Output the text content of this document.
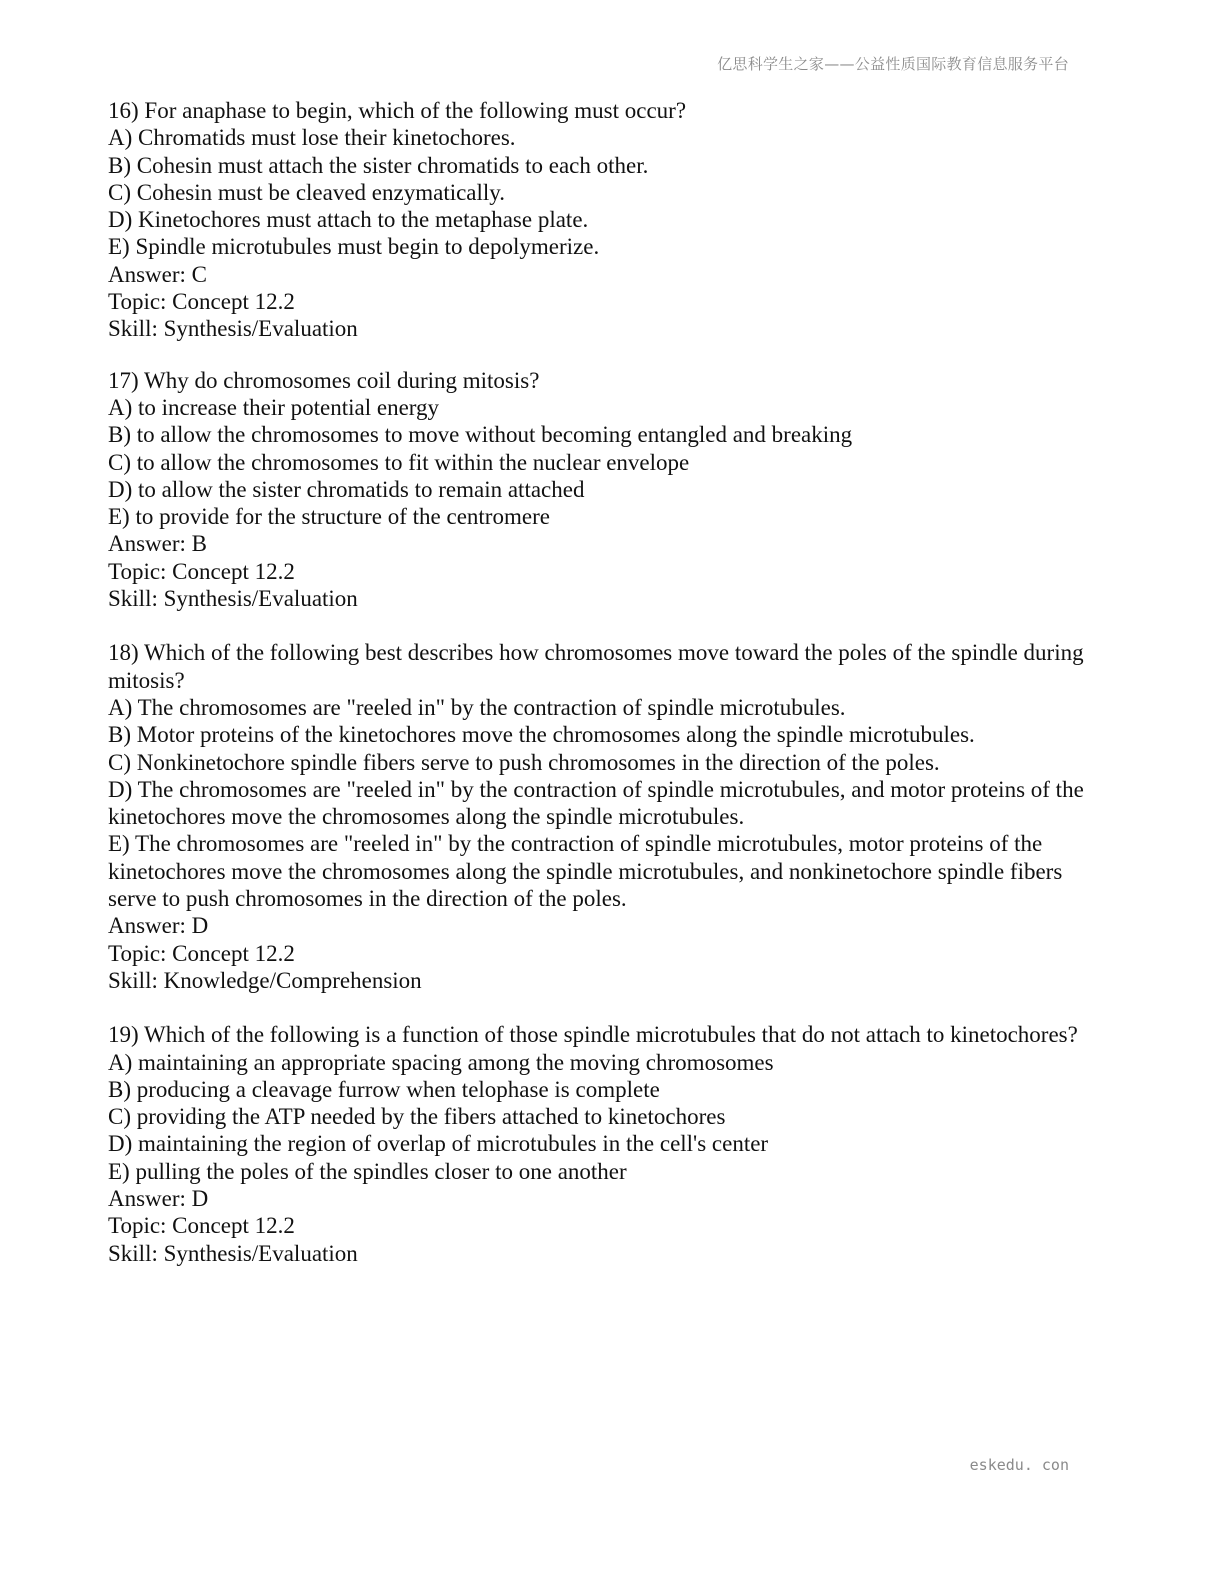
亿思科学生之家——公益性质国际教育信息服务平台
16) For anaphase to begin, which of the following must occur?
A) Chromatids must lose their kinetochores.
B) Cohesin must attach the sister chromatids to each other.
C) Cohesin must be cleaved enzymatically.
D) Kinetochores must attach to the metaphase plate.
E) Spindle microtubules must begin to depolymerize.
Answer: C
Topic: Concept 12.2
Skill: Synthesis/Evaluation
17) Why do chromosomes coil during mitosis?
A) to increase their potential energy
B) to allow the chromosomes to move without becoming entangled and breaking
C) to allow the chromosomes to fit within the nuclear envelope
D) to allow the sister chromatids to remain attached
E) to provide for the structure of the centromere
Answer: B
Topic: Concept 12.2
Skill: Synthesis/Evaluation
18) Which of the following best describes how chromosomes move toward the poles of the spindle during mitosis?
A) The chromosomes are "reeled in" by the contraction of spindle microtubules.
B) Motor proteins of the kinetochores move the chromosomes along the spindle microtubules.
C) Nonkinetochore spindle fibers serve to push chromosomes in the direction of the poles.
D) The chromosomes are "reeled in" by the contraction of spindle microtubules, and motor proteins of the kinetochores move the chromosomes along the spindle microtubules.
E) The chromosomes are "reeled in" by the contraction of spindle microtubules, motor proteins of the kinetochores move the chromosomes along the spindle microtubules, and nonkinetochore spindle fibers serve to push chromosomes in the direction of the poles.
Answer: D
Topic: Concept 12.2
Skill: Knowledge/Comprehension
19) Which of the following is a function of those spindle microtubules that do not attach to kinetochores?
A) maintaining an appropriate spacing among the moving chromosomes
B) producing a cleavage furrow when telophase is complete
C) providing the ATP needed by the fibers attached to kinetochores
D) maintaining the region of overlap of microtubules in the cell's center
E) pulling the poles of the spindles closer to one another
Answer: D
Topic: Concept 12.2
Skill: Synthesis/Evaluation
eskedu. con
